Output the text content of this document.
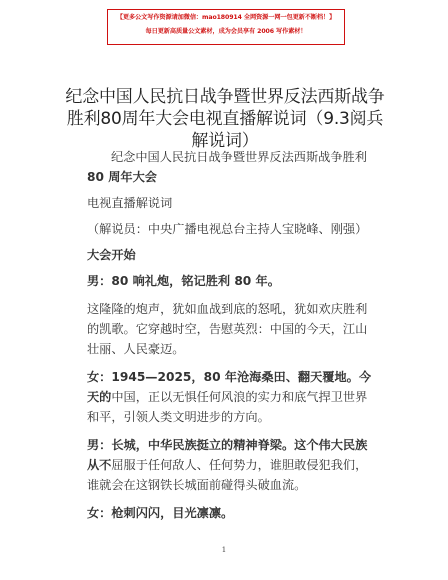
【更多公文写作资源请加微信：mao180914 全网资源一网一包更新不断档！】
每日更新高质量公文素材，成为会员享有 2006 写作素材！
纪念中国人民抗日战争暨世界反法西斯战争胜利80周年大会电视直播解说词（9.3阅兵解说词）

纪念中国人民抗日战争暨世界反法西斯战争胜利80 周年大会

电视直播解说词

（解说员：中央广播电视总台主持人宝晓峰、刚强）

大会开始

男：80 响礼炮，铭记胜利 80 年。

这隆隆的炮声，犹如血战到底的怒吼，犹如欢庆胜利的凯歌。它穿越时空，告慰英烈：中国的今天，江山壮丽、人民豪迈。

女：1945—2025，80 年沧海桑田、翻天覆地。今天的中国，正以无惧任何风浪的实力和底气捍卫世界和平，引领人类文明进步的方向。

男：长城，中华民族挺立的精神脊梁。这个伟大民族从不屈服于任何敌人、任何势力，谁胆敢侵犯我们，谁就会在这钢铁长城面前碰得头破血流。

女：枪刺闪闪，目光凛凛。

1
